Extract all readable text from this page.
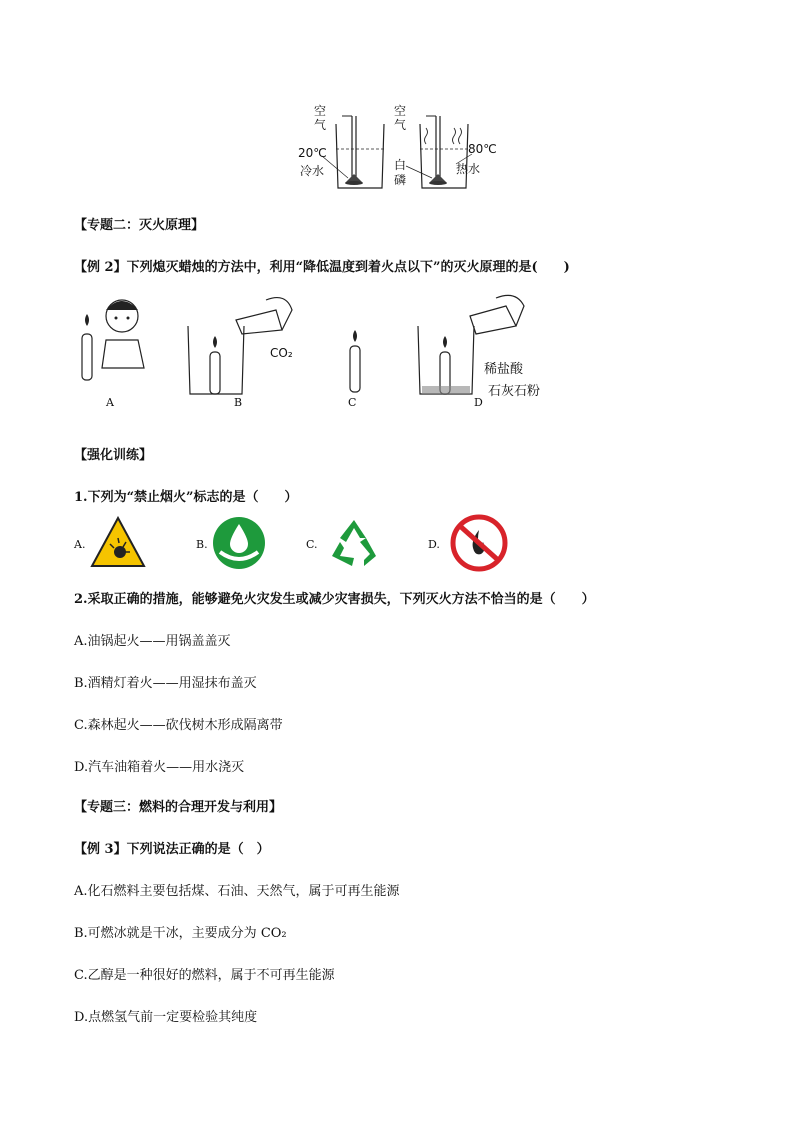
空气
20℃
冷水	白磷
空气
80℃
热水
【专题二：灭火原理】
【例 2】下列熄灭蜡烛的方法中，利用“降低温度到着火点以下”的灭火原理的是(　　)
A
CO₂
B	C
稀盐酸
石灰石粉
D
【强化训练】
1.下列为“禁止烟火”标志的是（　　）
A.	B.	C.	D.
2.采取正确的措施，能够避免火灾发生或减少灾害损失，下列灭火方法不恰当的是（　　）
A.油锅起火——用锅盖盖灭
B.酒精灯着火——用湿抹布盖灭
C.森林起火——砍伐树木形成隔离带
D.汽车油箱着火——用水浇灭
【专题三：燃料的合理开发与利用】
【例 3】下列说法正确的是（　）
A.化石燃料主要包括煤、石油、天然气，属于可再生能源
B.可燃冰就是干冰，主要成分为 CO₂
C.乙醇是一种很好的燃料，属于不可再生能源
D.点燃氢气前一定要检验其纯度
